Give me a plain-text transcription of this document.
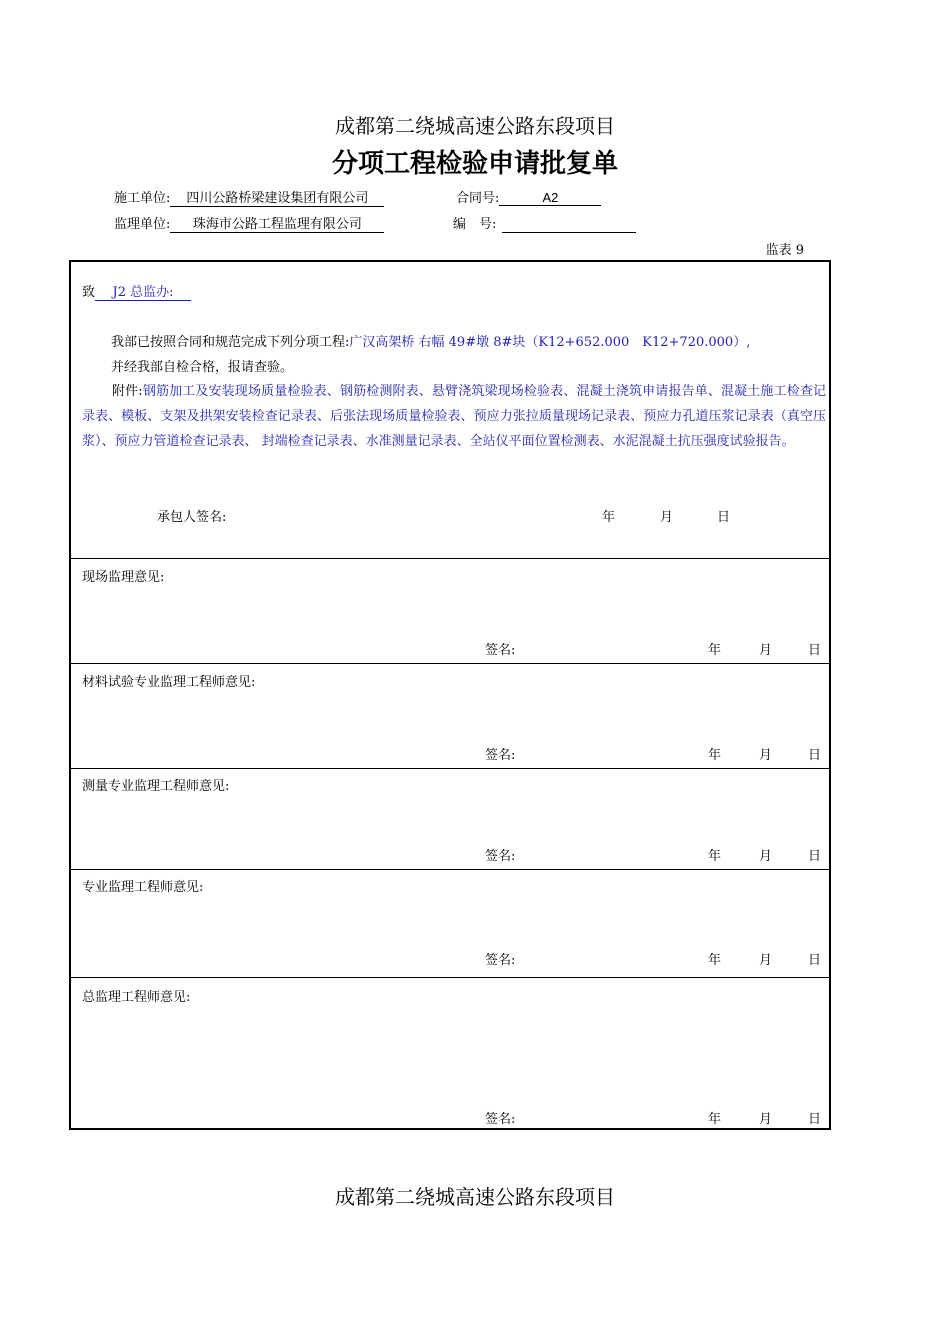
成都第二绕城高速公路东段项目
分项工程检验申请批复单
施工单位: 四川公路桥梁建设集团有限公司	合同号:	A2
监理单位: 珠海市公路工程监理有限公司	编　号:
监表 9
致 J2 总监办:
我部已按照合同和规范完成下列分项工程:广汉高架桥 右幅 49#墩 8#块（K12+652.000　K12+720.000）,
并经我部自检合格，报请查验。
附件:钢筋加工及安装现场质量检验表、钢筋检测附表、悬臂浇筑梁现场检验表、混凝土浇筑申请报告单、混凝土施工检查记录表、模板、支架及拱架安装检查记录表、后张法现场质量检验表、预应力张拉质量现场记录表、预应力孔道压浆记录表（真空压浆）、预应力管道检查记录表、 封端检查记录表、水准测量记录表、全站仪平面位置检测表、水泥混凝土抗压强度试验报告。
承包人签名:	年	月	日
现场监理意见:
签名:	年	月	日
材料试验专业监理工程师意见:
签名:	年	月	日
测量专业监理工程师意见:
签名:	年	月	日
专业监理工程师意见:
签名:	年	月	日
总监理工程师意见:
签名:	年	月	日
成都第二绕城高速公路东段项目
